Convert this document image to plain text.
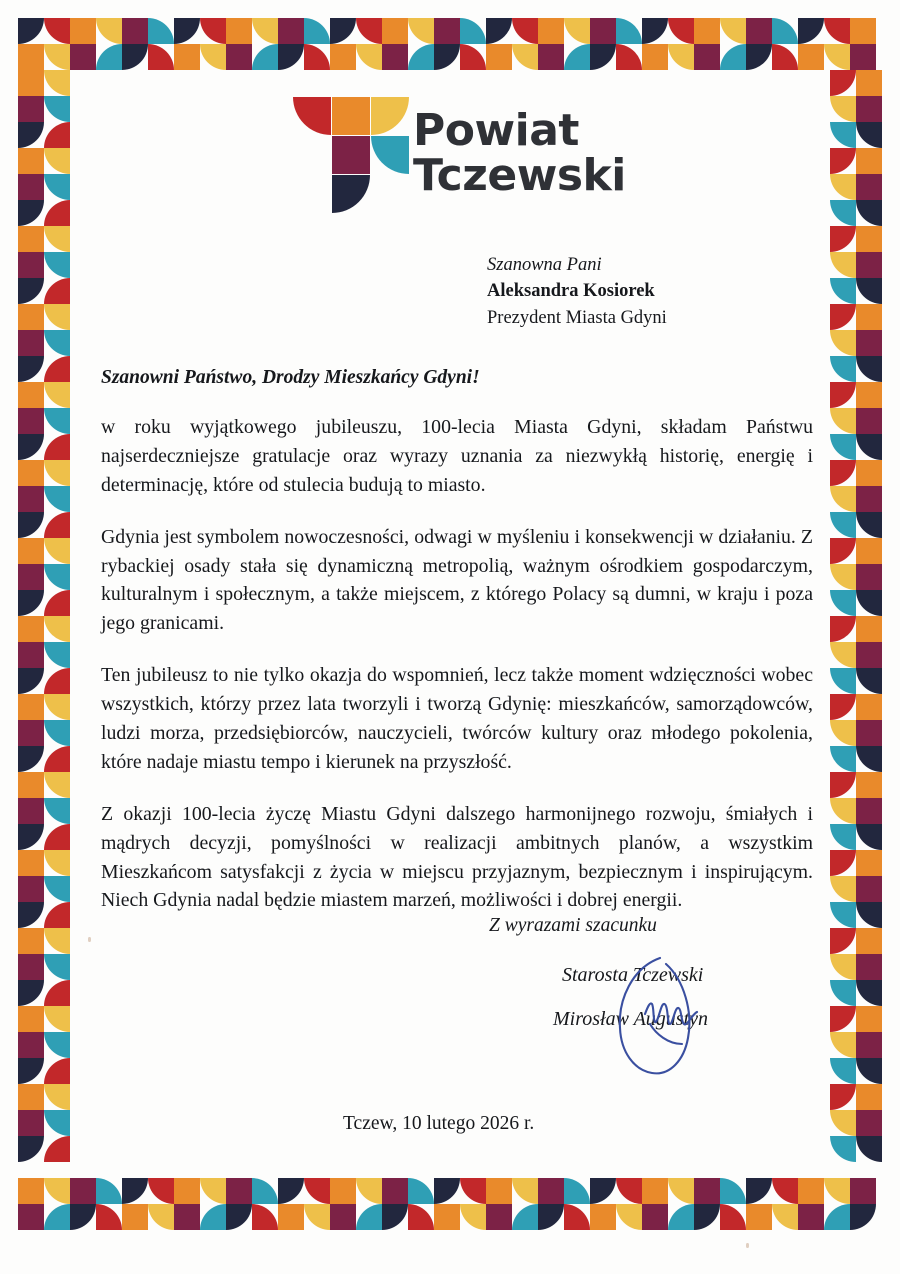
Powiat
Tczewski
Szanowna Pani
Aleksandra Kosiorek
Prezydent Miasta Gdyni
Szanowni Państwo, Drodzy Mieszkańcy Gdyni!

w roku wyjątkowego jubileuszu, 100-lecia Miasta Gdyni, składam Państwu najserdeczniejsze gratulacje oraz wyrazy uznania za niezwykłą historię, energię i determinację, które od stulecia budują to miasto.

Gdynia jest symbolem nowoczesności, odwagi w myśleniu i konsekwencji w działaniu. Z rybackiej osady stała się dynamiczną metropolią, ważnym ośrodkiem gospodarczym, kulturalnym i społecznym, a także miejscem, z którego Polacy są dumni, w kraju i poza jego granicami.

Ten jubileusz to nie tylko okazja do wspomnień, lecz także moment wdzięczności wobec wszystkich, którzy przez lata tworzyli i tworzą Gdynię: mieszkańców, samorządowców, ludzi morza, przedsiębiorców, nauczycieli, twórców kultury oraz młodego pokolenia, które nadaje miastu tempo i kierunek na przyszłość.

Z okazji 100-lecia życzę Miastu Gdyni dalszego harmonijnego rozwoju, śmiałych i mądrych decyzji, pomyślności w realizacji ambitnych planów, a wszystkim Mieszkańcom satysfakcji z życia w miejscu przyjaznym, bezpiecznym i inspirującym. Niech Gdynia nadal będzie miastem marzeń, możliwości i dobrej energii.

Z wyrazami szacunku
Starosta Tczewski
Mirosław Augustyn
Tczew, 10 lutego 2026 r.
